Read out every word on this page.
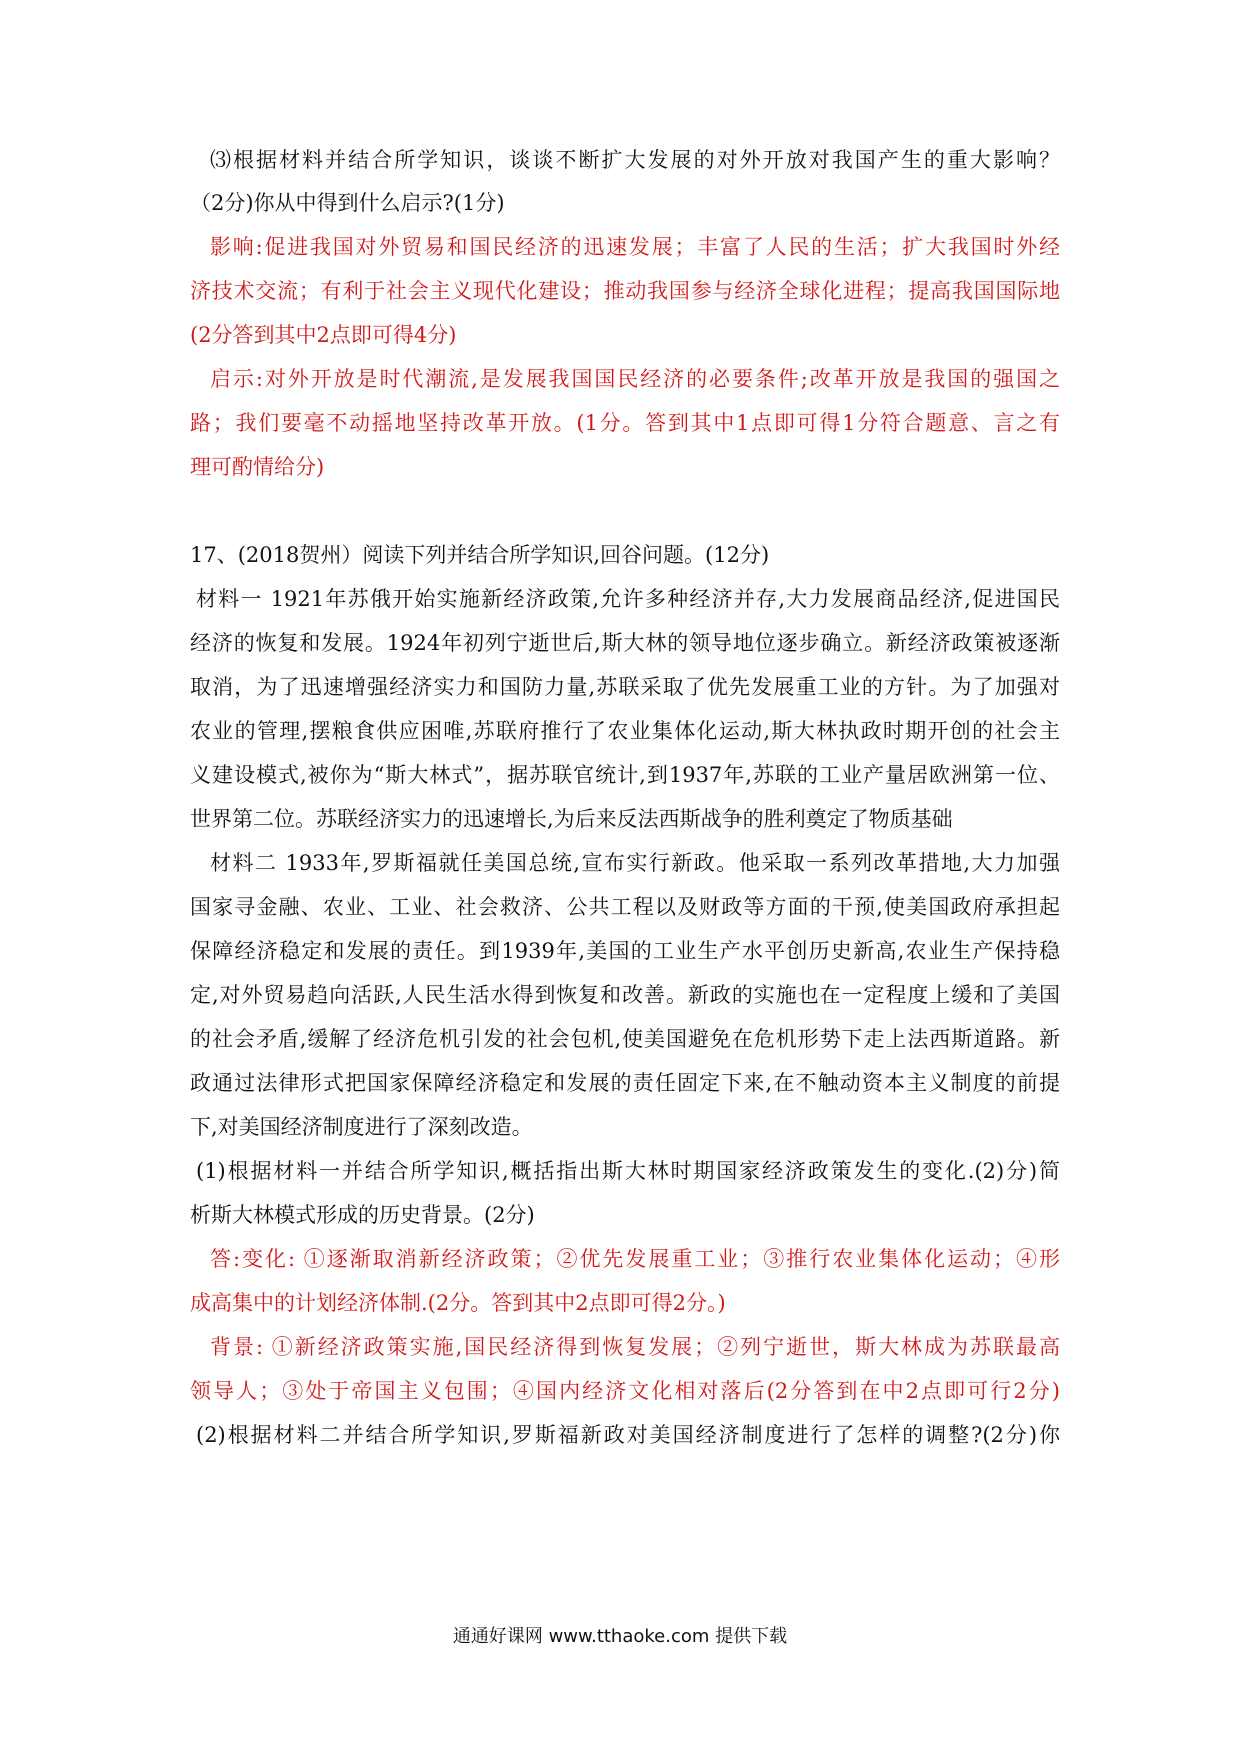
⑶根据材料并结合所学知识，谈谈不断扩大发展的对外开放对我国产生的重大影响？
（2分)你从中得到什么启示?(1分)
影响:促进我国对外贸易和国民经济的迅速发展；丰富了人民的生活；扩大我国时外经
济技术交流；有利于社会主义现代化建设；推动我国参与经济全球化进程；提高我国国际地
(2分答到其中2点即可得4分)
启示:对外开放是时代潮流,是发展我国国民经济的必要条件;改革开放是我国的强国之
路；我们要毫不动摇地坚持改革开放。(1分。答到其中1点即可得1分符合题意、言之有
理可酌情给分)
17、(2018贺州）阅读下列并结合所学知识,回谷问题。(12分)
材料一 1921年苏俄开始实施新经济政策,允许多种经济并存,大力发展商品经济,促进国民
经济的恢复和发展。1924年初列宁逝世后,斯大林的领导地位逐步确立。新经济政策被逐渐
取消，为了迅速增强经济实力和国防力量,苏联采取了优先发展重工业的方针。为了加强对
农业的管理,摆粮食供应困唯,苏联府推行了农业集体化运动,斯大林执政时期开创的社会主
义建设模式,被你为“斯大林式”，据苏联官统计,到1937年,苏联的工业产量居欧洲第一位、
世界第二位。苏联经济实力的迅速增长,为后来反法西斯战争的胜利奠定了物质基础
材料二 1933年,罗斯福就任美国总统,宣布实行新政。他采取一系列改革措地,大力加强
国家寻金融、农业、工业、社会救济、公共工程以及财政等方面的干预,使美国政府承担起
保障经济稳定和发展的责任。到1939年,美国的工业生产水平创历史新高,农业生产保持稳
定,对外贸易趋向活跃,人民生活水得到恢复和改善。新政的实施也在一定程度上缓和了美国
的社会矛盾,缓解了经济危机引发的社会包机,使美国避免在危机形势下走上法西斯道路。新
政通过法律形式把国家保障经济稳定和发展的责任固定下来,在不触动资本主义制度的前提
下,对美国经济制度进行了深刻改造。
(1)根据材料一并结合所学知识,概括指出斯大林时期国家经济政策发生的变化.(2)分)简
析斯大林模式形成的历史背景。(2分)
答:变化: ①逐渐取消新经济政策；②优先发展重工业；③推行农业集体化运动；④形
成高集中的计划经济体制.(2分。答到其中2点即可得2分。)
背景: ①新经济政策实施,国民经济得到恢复发展；②列宁逝世，斯大林成为苏联最高
领导人；③处于帝国主义包围；④国内经济文化相对落后(2分答到在中2点即可行2分)
(2)根据材料二并结合所学知识,罗斯福新政对美国经济制度进行了怎样的调整?(2分)你
通通好课网 www.tthaoke.com 提供下载
